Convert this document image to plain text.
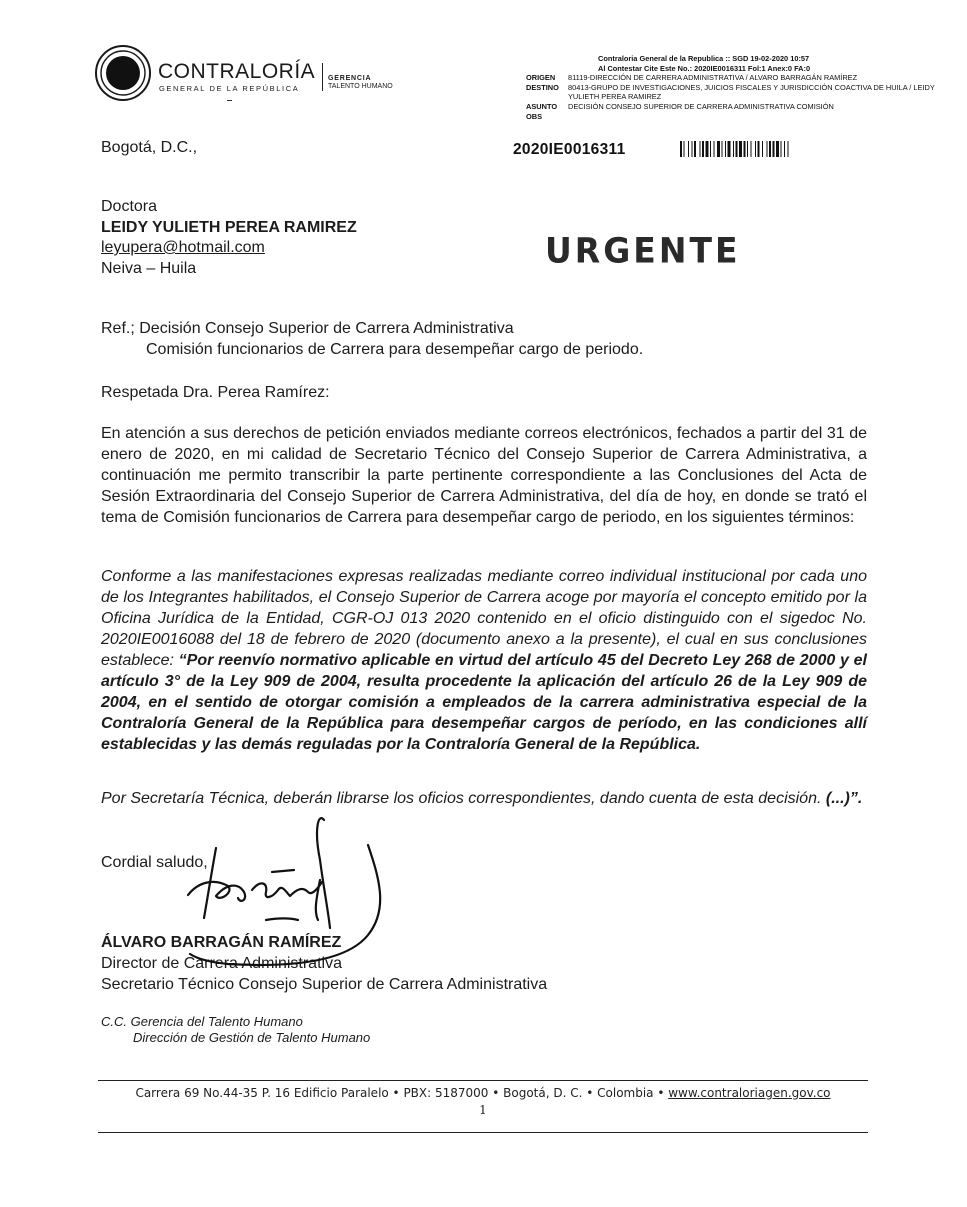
CONTRALORÍA
GENERAL DE LA REPÚBLICA
GERENCIA
TALENTO HUMANO
Contraloria General de la Republica :: SGD 19-02-2020 10:57
Al Contestar Cite Este No.: 2020IE0016311 Fol:1 Anex:0 FA:0
ORIGEN	81119-DIRECCIÓN DE CARRERA ADMINISTRATIVA / ALVARO BARRAGÁN RAMÍREZ
DESTINO	80413-GRUPO DE INVESTIGACIONES, JUICIOS FISCALES Y JURISDICCIÓN COACTIVA DE HUILA / LEIDY YULIETH PEREA RAMIREZ
ASUNTO	DECISIÓN CONSEJO SUPERIOR DE CARRERA ADMINISTRATIVA COMISIÓN
OBS
2020IE0016311
Bogotá, D.C.,
Doctora
LEIDY YULIETH PEREA RAMIREZ
leyupera@hotmail.com
Neiva – Huila	URGENTE
Ref.; Decisión Consejo Superior de Carrera Administrativa
Comisión funcionarios de Carrera para desempeñar cargo de periodo.
Respetada Dra. Perea Ramírez:
En atención a sus derechos de petición enviados mediante correos electrónicos, fechados a partir del 31 de enero de 2020, en mi calidad de Secretario Técnico del Consejo Superior de Carrera Administrativa, a continuación me permito transcribir la parte pertinente correspondiente a las Conclusiones del Acta de Sesión Extraordinaria del Consejo Superior de Carrera Administrativa, del día de hoy, en donde se trató el tema de Comisión funcionarios de Carrera para desempeñar cargo de periodo, en los siguientes términos:
Conforme a las manifestaciones expresas realizadas mediante correo individual institucional por cada uno de los Integrantes habilitados, el Consejo Superior de Carrera acoge por mayoría el concepto emitido por la Oficina Jurídica de la Entidad, CGR-OJ 013 2020 contenido en el oficio distinguido con el sigedoc No. 2020IE0016088 del 18 de febrero de 2020 (documento anexo a la presente), el cual en sus conclusiones establece: “Por reenvío normativo aplicable en virtud del artículo 45 del Decreto Ley 268 de 2000 y el artículo 3° de la Ley 909 de 2004, resulta procedente la aplicación del artículo 26 de la Ley 909 de 2004, en el sentido de otorgar comisión a empleados de la carrera administrativa especial de la Contraloría General de la República para desempeñar cargos de período, en las condiciones allí establecidas y las demás reguladas por la Contraloría General de la República.
Por Secretaría Técnica, deberán librarse los oficios correspondientes, dando cuenta de esta decisión. (...)”.
Cordial saludo,
ÁLVARO BARRAGÁN RAMÍREZ
Director de Carrera Administrativa
Secretario Técnico Consejo Superior de Carrera Administrativa
C.C. Gerencia del Talento Humano
Dirección de Gestión de Talento Humano
Carrera 69 No.44-35 P. 16 Edificio Paralelo • PBX: 5187000 • Bogotá, D. C. • Colombia • www.contraloriagen.gov.co
1
